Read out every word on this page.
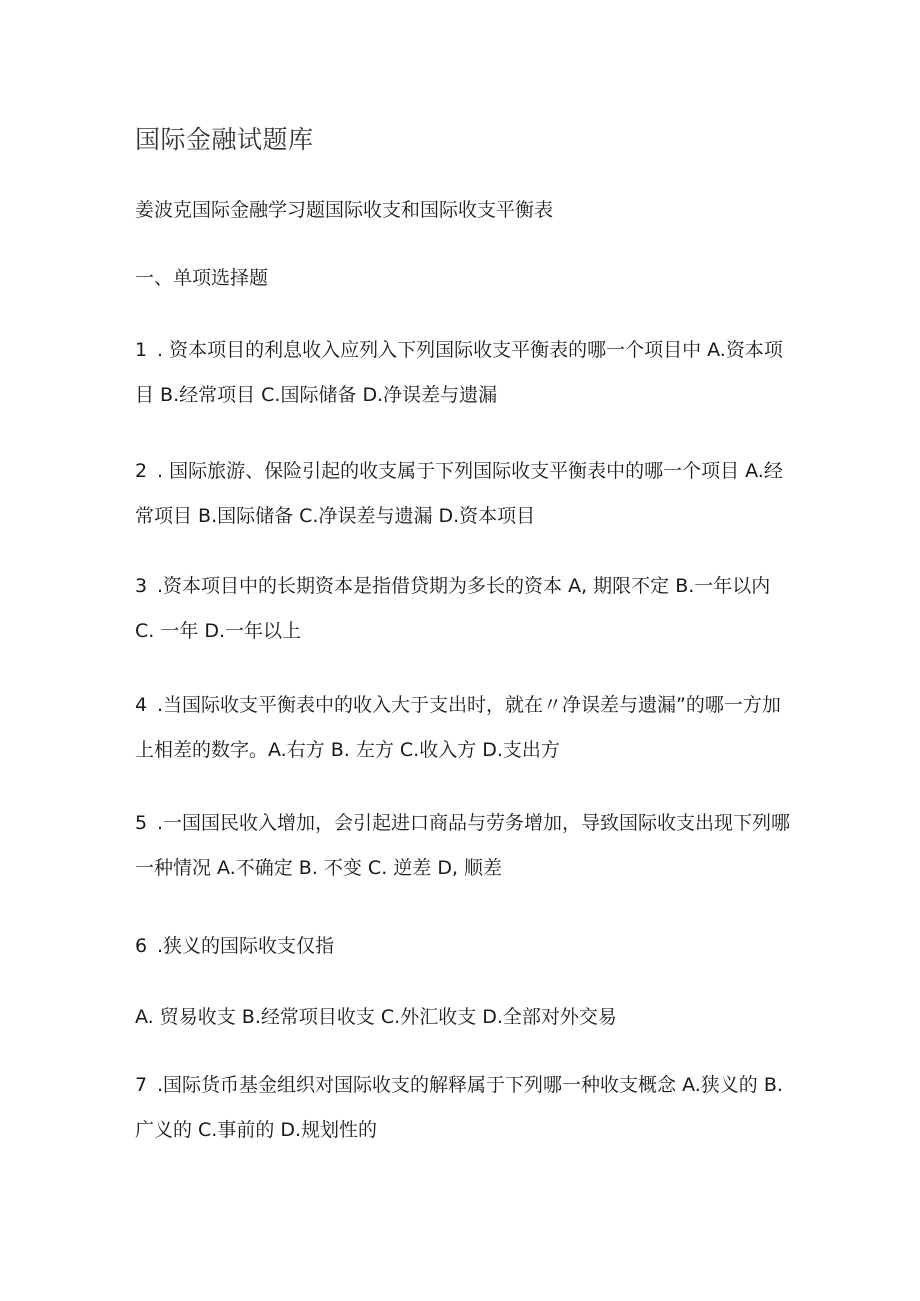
国际金融试题库
姜波克国际金融学习题国际收支和国际收支平衡表
一、单项选择题
1 . 资本项目的利息收入应列入下列国际收支平衡表的哪一个项目中 A.资本项目 B.经常项目 C.国际储备 D.净误差与遗漏
2 . 国际旅游、保险引起的收支属于下列国际收支平衡表中的哪一个项目 A.经常项目 B.国际储备 C.净误差与遗漏 D.资本项目
3 .资本项目中的长期资本是指借贷期为多长的资本 A, 期限不定 B.一年以内 C. 一年 D.一年以上
4 .当国际收支平衡表中的收入大于支出时，就在〃净误差与遗漏”的哪一方加上相差的数字。A.右方 B. 左方 C.收入方 D.支出方
5 .一国国民收入增加，会引起进口商品与劳务增加，导致国际收支出现下列哪一种情况 A.不确定 B. 不变 C. 逆差 D, 顺差
6 .狭义的国际收支仅指
A. 贸易收支 B.经常项目收支 C.外汇收支 D.全部对外交易
7 .国际货币基金组织对国际收支的解释属于下列哪一种收支概念 A.狭义的 B.广义的 C.事前的 D.规划性的
